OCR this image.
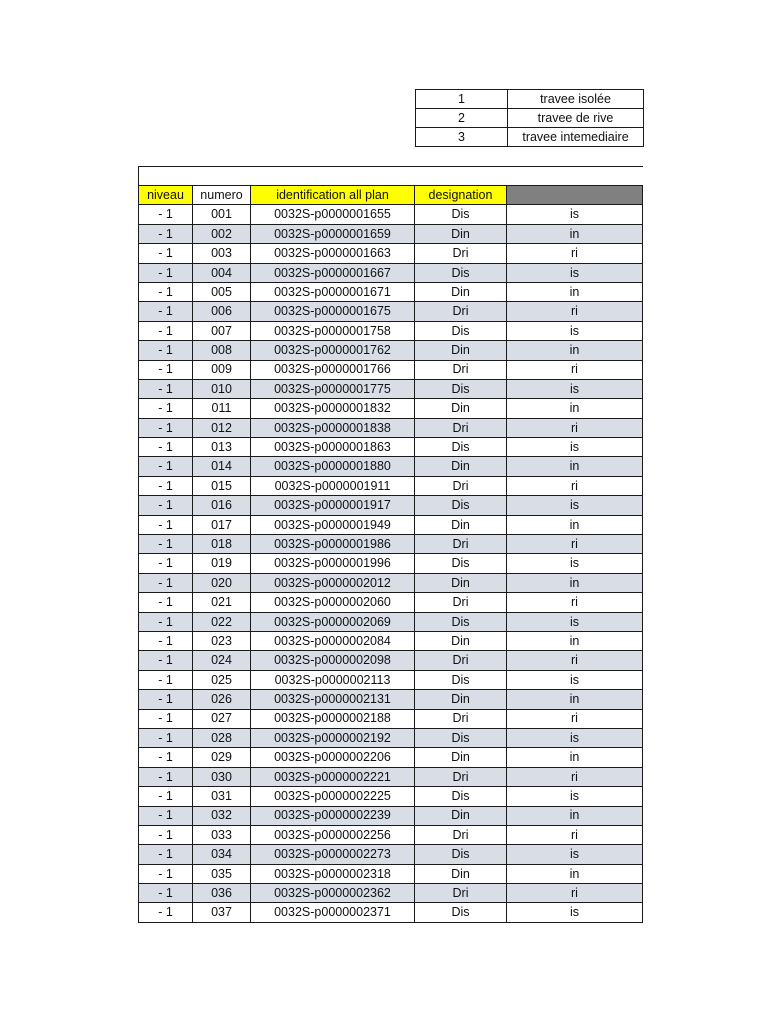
1	travee isolée
2	travee de rive
3	travee intemediaire

niveau	numero	identification all plan	designation	
- 1	001	0032S-p0000001655	Dis	is
- 1	002	0032S-p0000001659	Din	in
- 1	003	0032S-p0000001663	Dri	ri
- 1	004	0032S-p0000001667	Dis	is
- 1	005	0032S-p0000001671	Din	in
- 1	006	0032S-p0000001675	Dri	ri
- 1	007	0032S-p0000001758	Dis	is
- 1	008	0032S-p0000001762	Din	in
- 1	009	0032S-p0000001766	Dri	ri
- 1	010	0032S-p0000001775	Dis	is
- 1	011	0032S-p0000001832	Din	in
- 1	012	0032S-p0000001838	Dri	ri
- 1	013	0032S-p0000001863	Dis	is
- 1	014	0032S-p0000001880	Din	in
- 1	015	0032S-p0000001911	Dri	ri
- 1	016	0032S-p0000001917	Dis	is
- 1	017	0032S-p0000001949	Din	in
- 1	018	0032S-p0000001986	Dri	ri
- 1	019	0032S-p0000001996	Dis	is
- 1	020	0032S-p0000002012	Din	in
- 1	021	0032S-p0000002060	Dri	ri
- 1	022	0032S-p0000002069	Dis	is
- 1	023	0032S-p0000002084	Din	in
- 1	024	0032S-p0000002098	Dri	ri
- 1	025	0032S-p0000002113	Dis	is
- 1	026	0032S-p0000002131	Din	in
- 1	027	0032S-p0000002188	Dri	ri
- 1	028	0032S-p0000002192	Dis	is
- 1	029	0032S-p0000002206	Din	in
- 1	030	0032S-p0000002221	Dri	ri
- 1	031	0032S-p0000002225	Dis	is
- 1	032	0032S-p0000002239	Din	in
- 1	033	0032S-p0000002256	Dri	ri
- 1	034	0032S-p0000002273	Dis	is
- 1	035	0032S-p0000002318	Din	in
- 1	036	0032S-p0000002362	Dri	ri
- 1	037	0032S-p0000002371	Dis	is
